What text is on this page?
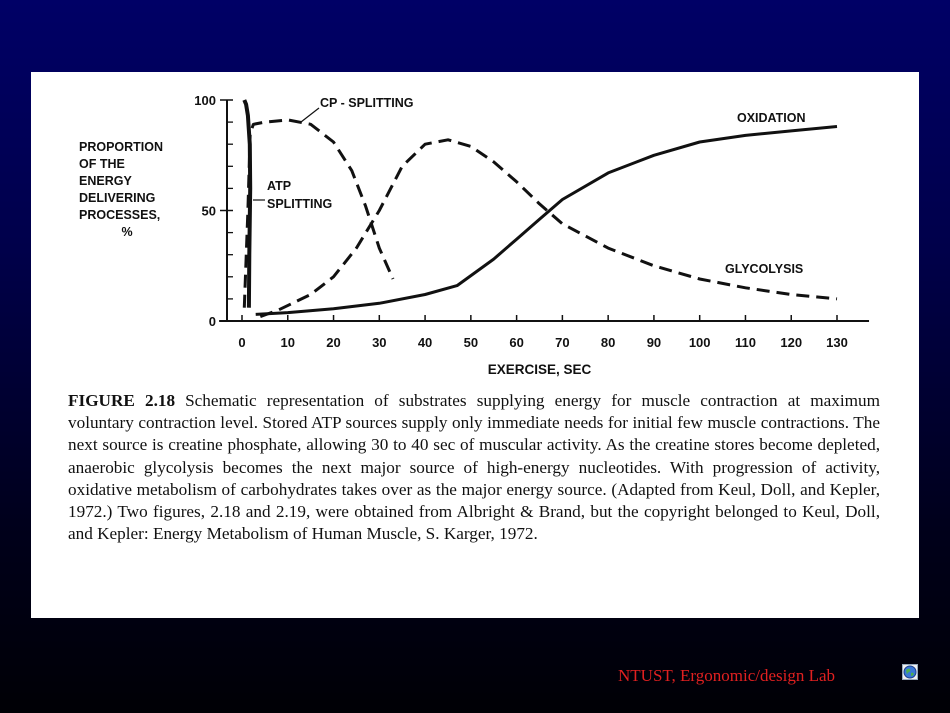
0	10 20 30 40 50 60 70 80 90 100 110 120 130
0
50
100
EXERCISE, SEC
PROPORTION
OF THE
ENERGY
DELIVERING
PROCESSES,
%
ATP
SPLITTING
CP - SPLITTING
OXIDATION
GLYCOLYSIS
FIGURE 2.18 Schematic representation of substrates supplying energy for muscle contraction at maximum voluntary contraction level. Stored ATP sources supply only immediate needs for initial few muscle contractions. The next source is creatine phosphate, allowing 30 to 40 sec of muscular activity. As the creatine stores become depleted, anaerobic glycolysis becomes the next major source of high-energy nucleotides. With progression of activity, oxidative metabolism of carbohydrates takes over as the major energy source. (Adapted from Keul, Doll, and Kepler, 1972.) Two figures, 2.18 and 2.19, were obtained from Albright & Brand, but the copyright belonged to Keul, Doll, and Kepler: Energy Metabolism of Human Muscle, S. Karger, 1972.
NTUST, Ergonomic/design Lab
